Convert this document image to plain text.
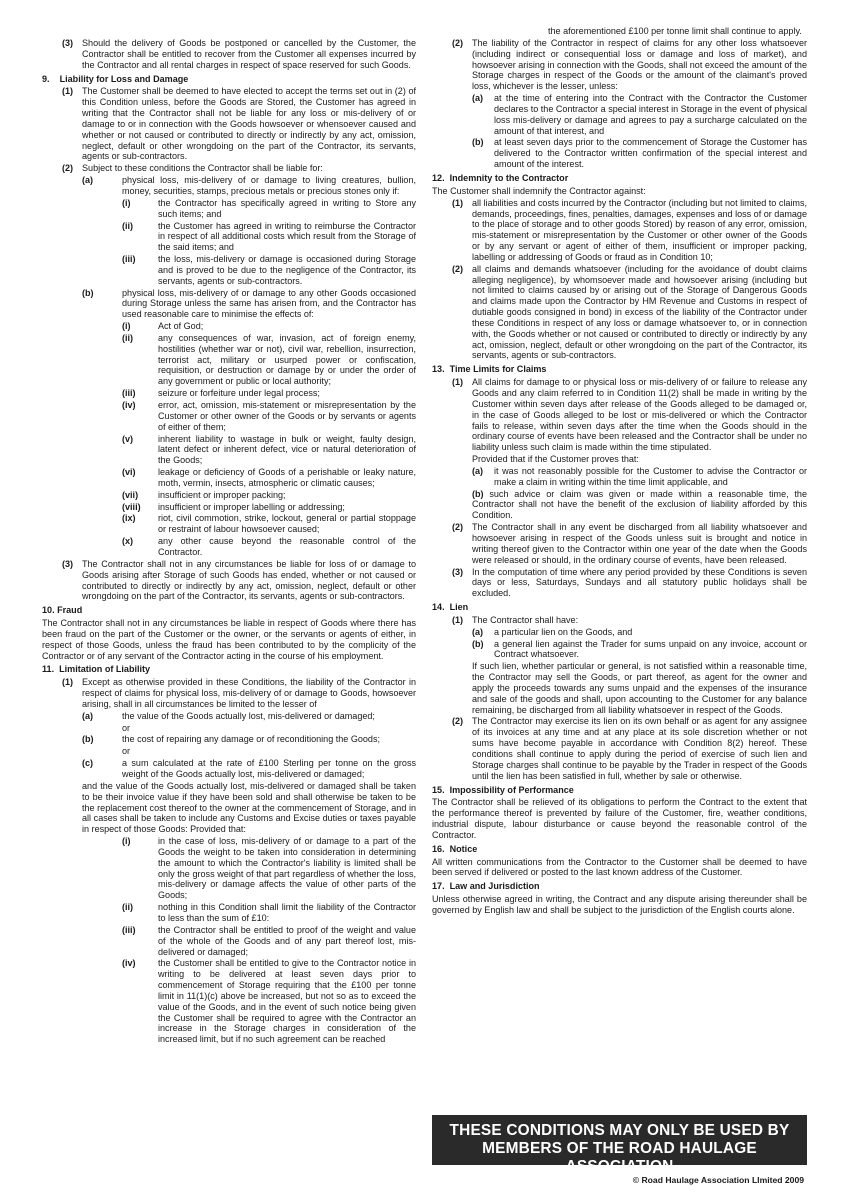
(3) Should the delivery of Goods be postponed or cancelled by the Customer, the Contractor shall be entitled to recover from the Customer all expenses incurred by the Contractor and all rental charges in respect of space reserved for such Goods.
9.    Liability for Loss and Damage
(1) The Customer shall be deemed to have elected to accept the terms set out in (2) of this Condition unless, before the Goods are Stored, the Customer has agreed in writing that the Contractor shall not be liable for any loss or mis-delivery of or damage to or in connection with the Goods howsoever or whensoever caused and whether or not caused or contributed to directly or indirectly by any act, omission, neglect, default or other wrongdoing on the part of the Contractor, its servants, agents or sub-contractors.
(2) Subject to these conditions the Contractor shall be liable for:
(a)	physical loss, mis-delivery of or damage to living creatures, bullion, money, securities, stamps, precious metals or precious stones only if:
(i)	the Contractor has specifically agreed in writing to Store any such items; and
(ii)	the Customer has agreed in writing to reimburse the Contractor in respect of all additional costs which result from the Storage of the said items; and
(iii) the loss, mis-delivery or damage is occasioned during Storage and is proved to be due to the negligence of the Contractor, its servants, agents or sub-contractors.
(b)	physical loss, mis-delivery of or damage to any other Goods occasioned during Storage unless the same has arisen from, and the Contractor has used reasonable care to minimise the effects of:
(i)	Act of God;
(ii)	any consequences of war, invasion, act of foreign enemy, hostilities (whether war or not), civil war, rebellion, insurrection, terrorist act, military or usurped power or confiscation, requisition, or destruction or damage by or under the order of any government or public or local authority;
(iii) seizure or forfeiture under legal process;
(iv) error, act, omission, mis-statement or misrepresentation by the Customer or other owner of the Goods or by servants or agents of either of them;
(v)	inherent liability to wastage in bulk or weight, faulty design, latent defect or inherent defect, vice or natural deterioration of the Goods;
(vi) leakage or deficiency of Goods of a perishable or leaky nature, moth, vermin, insects, atmospheric or climatic causes;
(vii) insufficient or improper packing;
(viii) insufficient or improper labelling or addressing;
(ix) riot, civil commotion, strike, lockout, general or partial stoppage or restraint of labour howsoever caused;
(x)	any other cause beyond the reasonable control of the Contractor.
(3) The Contractor shall not in any circumstances be liable for loss of or damage to Goods arising after Storage of such Goods has ended, whether or not caused or contributed to directly or indirectly by any act, omission, neglect, default or other wrongdoing on the part of the Contractor, its servants, agents or sub-contractors.
10. Fraud
The Contractor shall not in any circumstances be liable in respect of Goods where there has been fraud on the part of the Customer or the owner, or the servants or agents of either, in respect of those Goods, unless the fraud has been contributed to by the complicity of the Contractor or of any servant of the Contractor acting in the course of his employment.
11.  Limitation of Liability
(1) Except as otherwise provided in these Conditions, the liability of the Contractor in respect of claims for physical loss, mis-delivery of or damage to Goods, howsoever arising, shall in all circumstances be limited to the lesser of
(a)	the value of the Goods actually lost, mis-delivered or damaged;
or
(b)	the cost of repairing any damage or of reconditioning the Goods;
or
(c)	a sum calculated at the rate of £100 Sterling per tonne on the gross weight of the Goods actually lost, mis-delivered or damaged;
and the value of the Goods actually lost, mis-delivered or damaged shall be taken to be their invoice value if they have been sold and shall otherwise be taken to be the replacement cost thereof to the owner at the commencement of Storage, and in all cases shall be taken to include any Customs and Excise duties or taxes payable in respect of those Goods: Provided that:
(i)	in the case of loss, mis-delivery of or damage to a part of the Goods the weight to be taken into consideration in determining the amount to which the Contractor's liability is limited shall be only the gross weight of that part regardless of whether the loss, mis-delivery or damage affects the value of other parts of the Goods;
(ii)	nothing in this Condition shall limit the liability of the Contractor to less than the sum of £10:
(iii) the Contractor shall be entitled to proof of the weight and value of the whole of the Goods and of any part thereof lost, mis-delivered or damaged;
(iv) the Customer shall be entitled to give to the Contractor notice in writing to be delivered at least seven days prior to commencement of Storage requiring that the £100 per tonne limit in 11(1)(c) above be increased, but not so as to exceed the value of the Goods, and in the event of such notice being given the Customer shall be required to agree with the Contractor an increase in the Storage charges in consideration of the increased limit, but if no such agreement can be reached
the aforementioned £100 per tonne limit shall continue to apply.
(2) The liability of the Contractor in respect of claims for any other loss whatsoever (including indirect or consequential loss or damage and loss of market), and howsoever arising in connection with the Goods, shall not exceed the amount of the Storage charges in respect of the Goods or the amount of the claimant's proved loss, whichever is the lesser, unless:
(a) at the time of entering into the Contract with the Contractor the Customer declares to the Contractor a special interest in Storage in the event of physical loss mis-delivery or damage and agrees to pay a surcharge calculated on the amount of that interest, and
(b) at least seven days prior to the commencement of Storage the Customer has delivered to the Contractor written confirmation of the special interest and amount of the interest.
12.  Indemnity to the Contractor
The Customer shall indemnify the Contractor against:
(1) all liabilities and costs incurred by the Contractor (including but not limited to claims, demands, proceedings, fines, penalties, damages, expenses and loss of or damage to the place of storage and to other goods Stored) by reason of any error, omission, mis-statement or misrepresentation by the Customer or other owner of the Goods or by any servant or agent of either of them, insufficient or improper packing, labelling or addressing of Goods or fraud as in Condition 10;
(2) all claims and demands whatsoever (including for the avoidance of doubt claims alleging negligence), by whomsoever made and howsoever arising (including but not limited to claims caused by or arising out of the Storage of Dangerous Goods and claims made upon the Contractor by HM Revenue and Customs in respect of dutiable goods consigned in bond) in excess of the liability of the Contractor under these Conditions in respect of any loss or damage whatsoever to, or in connection with, the Goods whether or not caused or contributed to directly or indirectly by any act, omission, neglect, default or other wrongdoing on the part of the Contractor, its servants, agents or sub-contractors.
13.  Time Limits for Claims
(1) All claims for damage to or physical loss or mis-delivery of or failure to release any Goods and any claim referred to in Condition 11(2) shall be made in writing by the Customer within seven days after release of the Goods alleged to be damaged or, in the case of Goods alleged to be lost or mis-delivered or which the Contractor fails to release, within seven days after the time when the Goods should in the ordinary course of events have been released and the Contractor shall be under no liability unless such claim is made within the time stipulated.
Provided that if the Customer proves that:
(a) it was not reasonably possible for the Customer to advise the Contractor or make a claim in writing within the time limit applicable, and
(b) such advice or claim was given or made within a reasonable time, the Contractor shall not have the benefit of the exclusion of liability afforded by this Condition.
(2) The Contractor shall in any event be discharged from all liability whatsoever and howsoever arising in respect of the Goods unless suit is brought and notice in writing thereof given to the Contractor within one year of the date when the Goods were released or should, in the ordinary course of events, have been released.
(3) In the computation of time where any period provided by these Conditions is seven days or less, Saturdays, Sundays and all statutory public holidays shall be excluded.
14.  Lien
(1) The Contractor shall have:
(a) a particular lien on the Goods, and
(b) a general lien against the Trader for sums unpaid on any invoice, account or Contract whatsoever.
If such lien, whether particular or general, is not satisfied within a reasonable time, the Contractor may sell the Goods, or part thereof, as agent for the owner and apply the proceeds towards any sums unpaid and the expenses of the insurance and sale of the goods and shall, upon accounting to the Customer for any balance remaining, be discharged from all liability whatsoever in respect of the Goods.
(2) The Contractor may exercise its lien on its own behalf or as agent for any assignee of its invoices at any time and at any place at its sole discretion whether or not sums have become payable in accordance with Condition 8(2) hereof. These conditions shall continue to apply during the period of exercise of such lien and Storage charges shall continue to be payable by the Trader in respect of the Goods until the lien has been satisfied in full, whether by sale or otherwise.
15.  Impossibility of Performance
The Contractor shall be relieved of its obligations to perform the Contract to the extent that the performance thereof is prevented by failure of the Customer, fire, weather conditions, industrial dispute, labour disturbance or cause beyond the reasonable control of the Contractor.
16.  Notice
All written communications from the Contractor to the Customer shall be deemed to have been served if delivered or posted to the last known address of the Customer.
17.  Law and Jurisdiction
Unless otherwise agreed in writing, the Contract and any dispute arising thereunder shall be governed by English law and shall be subject to the jurisdiction of the English courts alone.
THESE CONDITIONS MAY ONLY BE USED BY
MEMBERS OF THE ROAD HAULAGE ASSOCIATION
© Road Haulage Association LImited 2009
